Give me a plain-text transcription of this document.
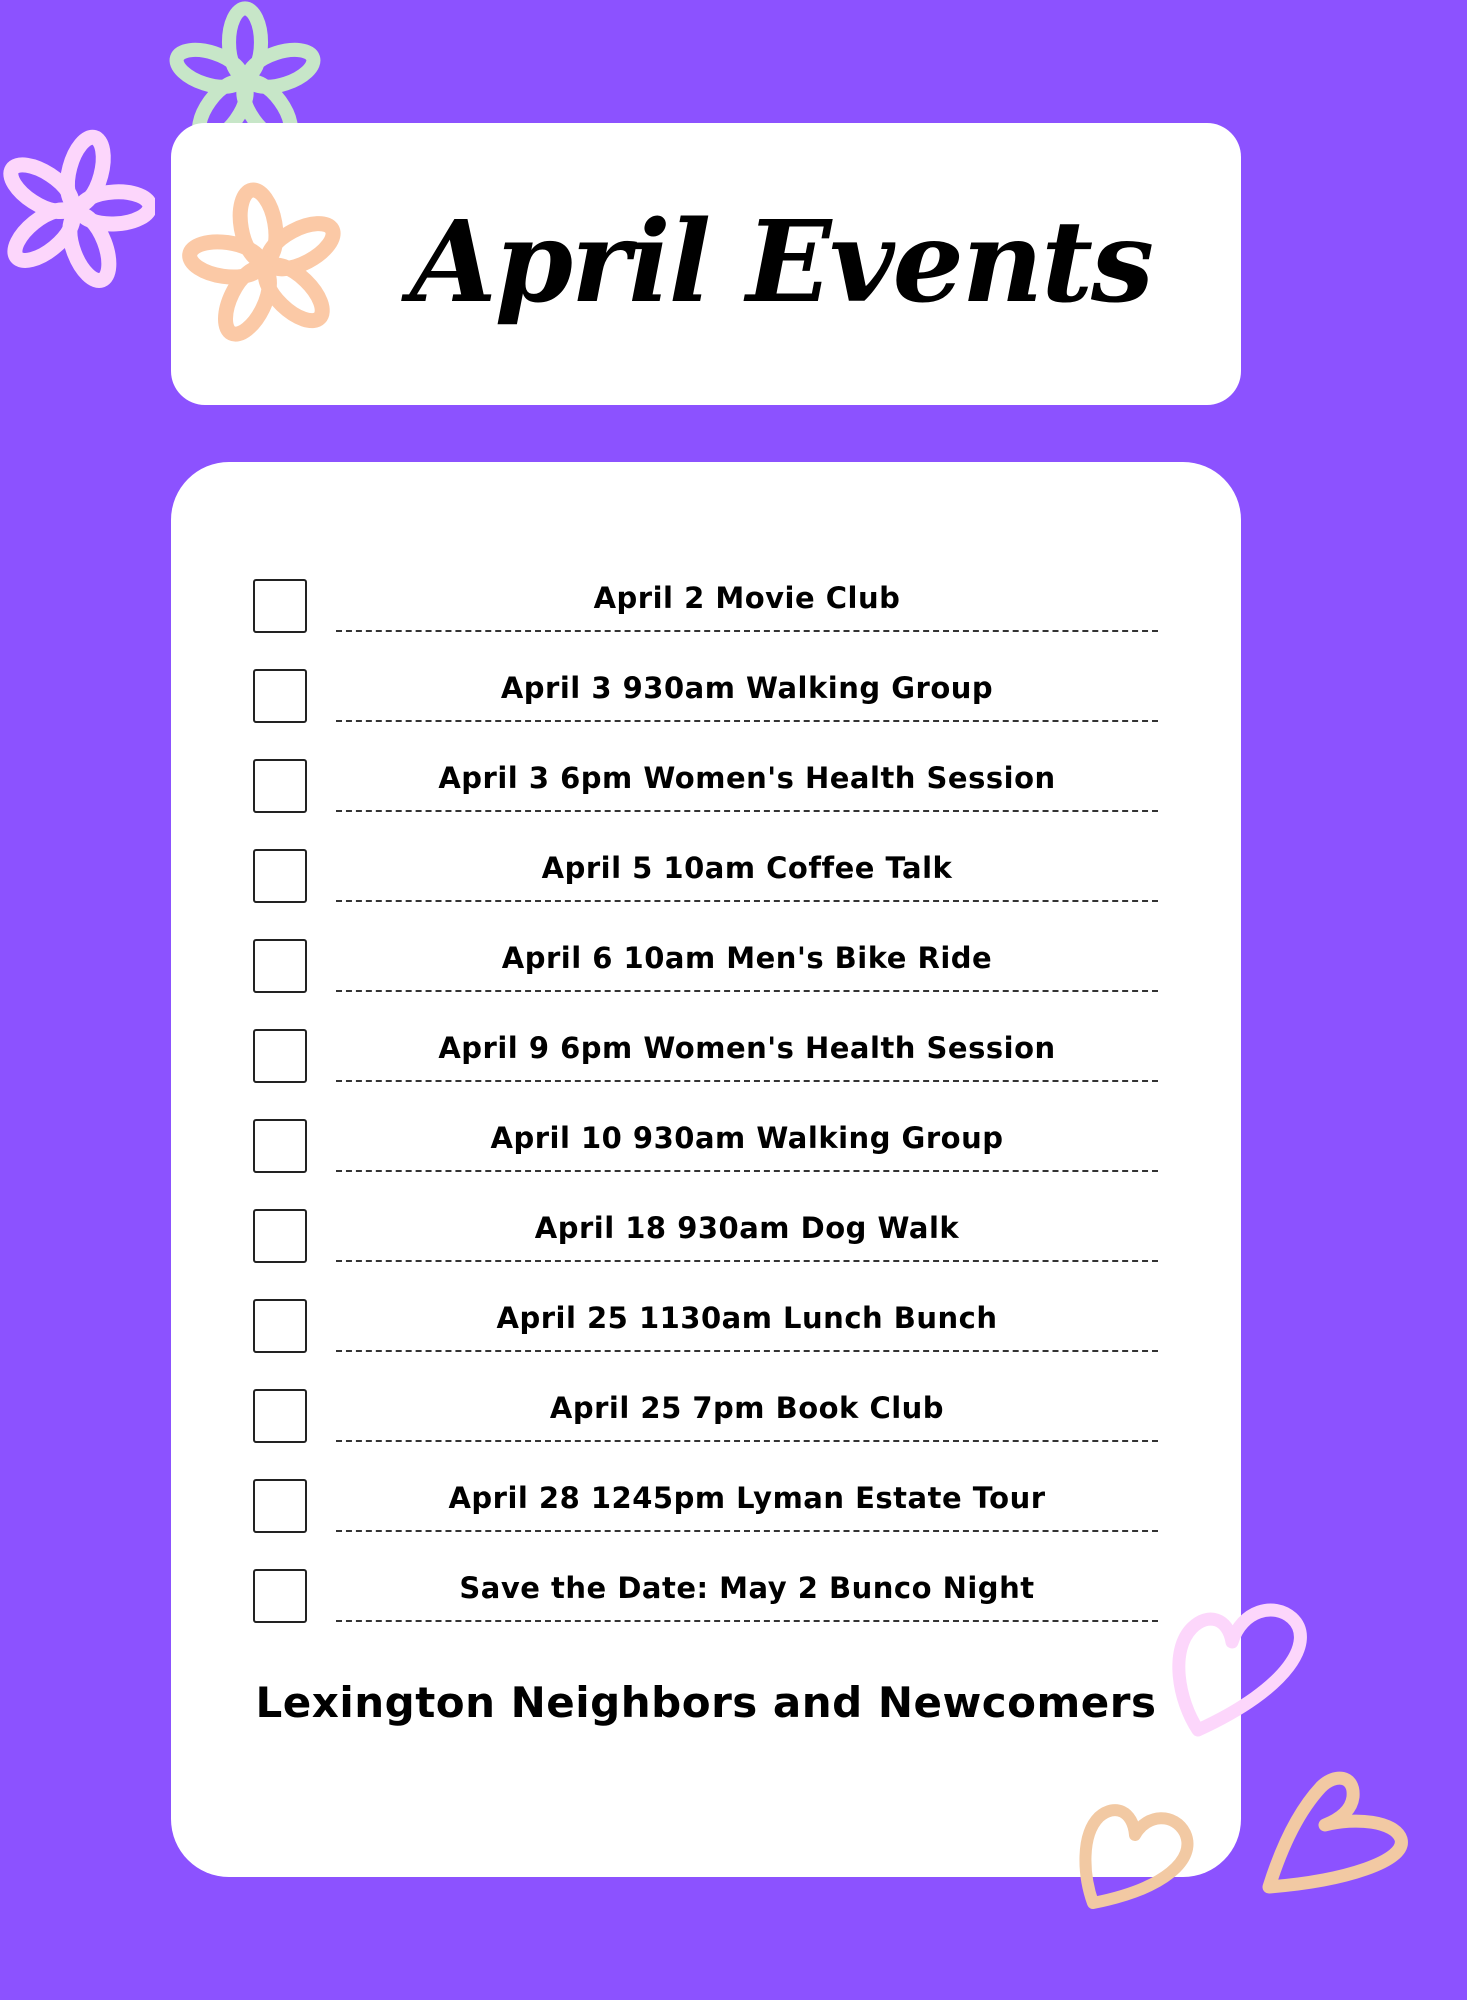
April Events
April 2 Movie Club
April 3 930am Walking Group
April 3 6pm Women's Health Session
April 5 10am Coffee Talk
April 6 10am Men's Bike Ride
April 9 6pm Women's Health Session
April 10 930am Walking Group
April 18 930am Dog Walk
April 25 1130am Lunch Bunch
April 25 7pm Book Club
April 28 1245pm Lyman Estate Tour
Save the Date: May 2 Bunco Night
Lexington Neighbors and Newcomers
